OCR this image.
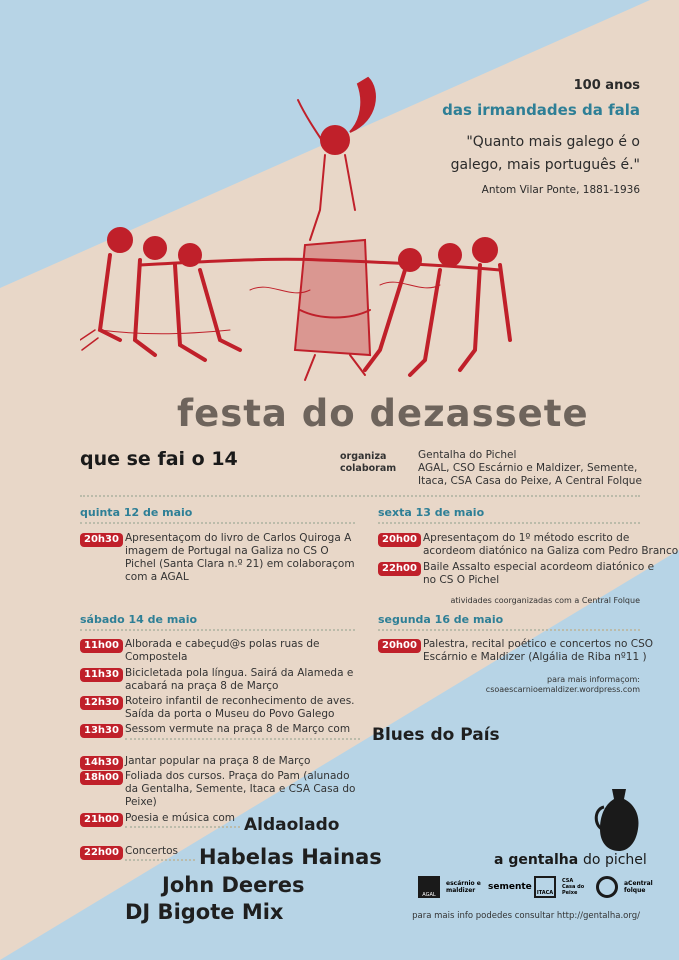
100 anos
das irmandades da fala
"Quanto mais galego é o
galego, mais português é."
Antom Vilar Ponte, 1881-1936
festa do dezassete
que se fai o 14	organiza
colaboram
Gentalha do Pichel
AGAL, CSO Escárnio e Maldizer, Semente,
Itaca, CSA Casa do Peixe, A Central Folque
quinta 12 de maio
20h30 Apresentaçom do livro de Carlos Quiroga A
imagem de Portugal na Galiza no CS O
Pichel (Santa Clara n.º 21) em colaboraçom
com a AGAL
sexta 13 de maio
20h00 Apresentaçom do 1º método escrito de
acordeom diatónico na Galiza com Pedro Branco
22h00 Baile Assalto especial acordeom diatónico e
no CS O Pichel
atividades coorganizadas com a Central Folque
sábado 14 de maio
11h00 Alborada e cabeçud@s polas ruas de
Compostela
11h30 Bicicletada pola língua. Sairá da Alameda e
acabará na praça 8 de Março
12h30 Roteiro infantil de reconhecimento de aves.
Saída da porta o Museu do Povo Galego
13h30 Sessom vermute na praça 8 de Março com Blues do País
14h30 Jantar popular na praça 8 de Março
18h00 Foliada dos cursos. Praça do Pam (alunado
da Gentalha, Semente, Itaca e CSA Casa do
Peixe)
21h00 Poesia e música com Aldaolado
22h00 Concertos Habelas Hainas
John Deeres
DJ Bigote Mix
segunda 16 de maio
20h00 Palestra, recital poético e concertos no CSO
Escárnio e Maldizer (Algália de Riba nº11 )
para mais informaçom:
csoaescarnioemaldizer.wordpress.com
a gentalha do pichel
AGAL
escárnio e maldizer	semente
ITACA
CSA
Casa do Peixe
aCentral folque
para mais info podedes consultar http://gentalha.org/
